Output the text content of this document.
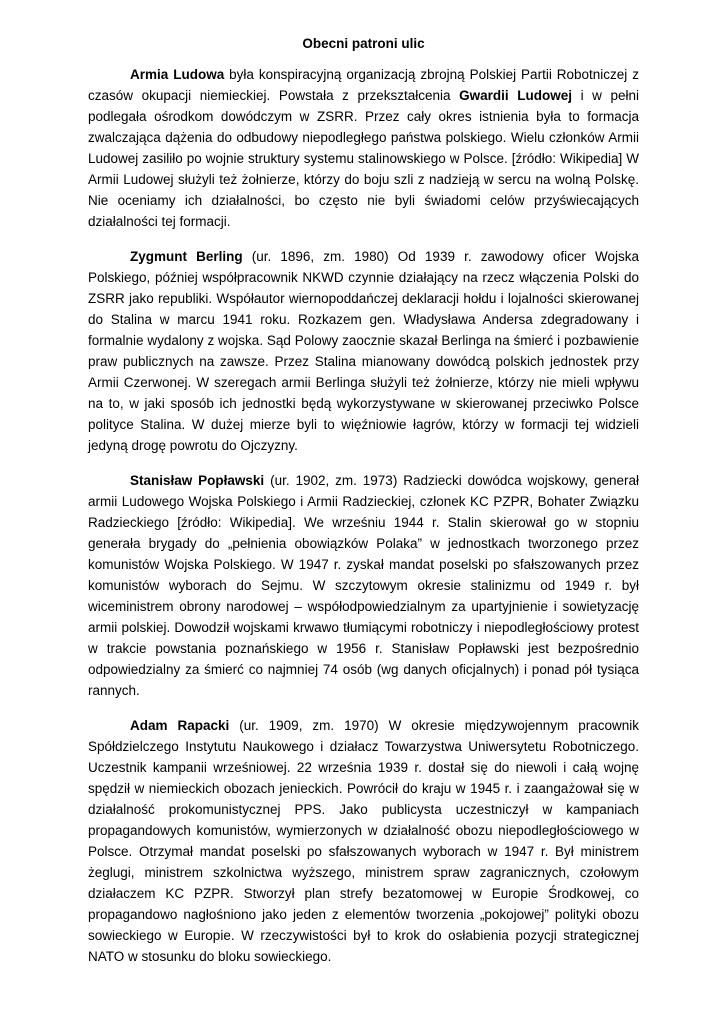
Obecni patroni ulic

Armia Ludowa była konspiracyjną organizacją zbrojną Polskiej Partii Robotniczej z czasów okupacji niemieckiej. Powstała z przekształcenia Gwardii Ludowej i w pełni podlegała ośrodkom dowódczym w ZSRR. Przez cały okres istnienia była to formacja zwalczająca dążenia do odbudowy niepodległego państwa polskiego. Wielu członków Armii Ludowej zasiliło po wojnie struktury systemu stalinowskiego w Polsce. [źródło: Wikipedia] W Armii Ludowej służyli też żołnierze, którzy do boju szli z nadzieją w sercu na wolną Polskę. Nie oceniamy ich działalności, bo często nie byli świadomi celów przyświecających działalności tej formacji.

Zygmunt Berling (ur. 1896, zm. 1980) Od 1939 r. zawodowy oficer Wojska Polskiego, później współpracownik NKWD czynnie działający na rzecz włączenia Polski do ZSRR jako republiki. Współautor wiernopoddańczej deklaracji hołdu i lojalności skierowanej do Stalina w marcu 1941 roku. Rozkazem gen. Władysława Andersa zdegradowany i formalnie wydalony z wojska. Sąd Polowy zaocznie skazał Berlinga na śmierć i pozbawienie praw publicznych na zawsze. Przez Stalina mianowany dowódcą polskich jednostek przy Armii Czerwonej. W szeregach armii Berlinga służyli też żołnierze, którzy nie mieli wpływu na to, w jaki sposób ich jednostki będą wykorzystywane w skierowanej przeciwko Polsce polityce Stalina. W dużej mierze byli to więźniowie łagrów, którzy w formacji tej widzieli jedyną drogę powrotu do Ojczyzny.

Stanisław Popławski (ur. 1902, zm. 1973) Radziecki dowódca wojskowy, generał armii Ludowego Wojska Polskiego i Armii Radzieckiej, członek KC PZPR, Bohater Związku Radzieckiego [źródło: Wikipedia]. We wrześniu 1944 r. Stalin skierował go w stopniu generała brygady do „pełnienia obowiązków Polaka” w jednostkach tworzonego przez komunistów Wojska Polskiego. W 1947 r. zyskał mandat poselski po sfałszowanych przez komunistów wyborach do Sejmu. W szczytowym okresie stalinizmu od 1949 r. był wiceministrem obrony narodowej – współodpowiedzialnym za upartyjnienie i sowietyzację armii polskiej. Dowodził wojskami krwawo tłumiącymi robotniczy i niepodległościowy protest w trakcie powstania poznańskiego w 1956 r. Stanisław Popławski jest bezpośrednio odpowiedzialny za śmierć co najmniej 74 osób (wg danych oficjalnych) i ponad pół tysiąca rannych.

Adam Rapacki (ur. 1909, zm. 1970) W okresie międzywojennym pracownik Spółdzielczego Instytutu Naukowego i działacz Towarzystwa Uniwersytetu Robotniczego. Uczestnik kampanii wrześniowej. 22 września 1939 r. dostał się do niewoli i całą wojnę spędził w niemieckich obozach jenieckich. Powrócił do kraju w 1945 r. i zaangażował się w działalność prokomunistycznej PPS. Jako publicysta uczestniczył w kampaniach propagandowych komunistów, wymierzonych w działalność obozu niepodległościowego w Polsce. Otrzymał mandat poselski po sfałszowanych wyborach w 1947 r. Był ministrem żeglugi, ministrem szkolnictwa wyższego, ministrem spraw zagranicznych, czołowym działaczem KC PZPR. Stworzył plan strefy bezatomowej w Europie Środkowej, co propagandowo nagłośniono jako jeden z elementów tworzenia „pokojowej” polityki obozu sowieckiego w Europie. W rzeczywistości był to krok do osłabienia pozycji strategicznej NATO w stosunku do bloku sowieckiego.
